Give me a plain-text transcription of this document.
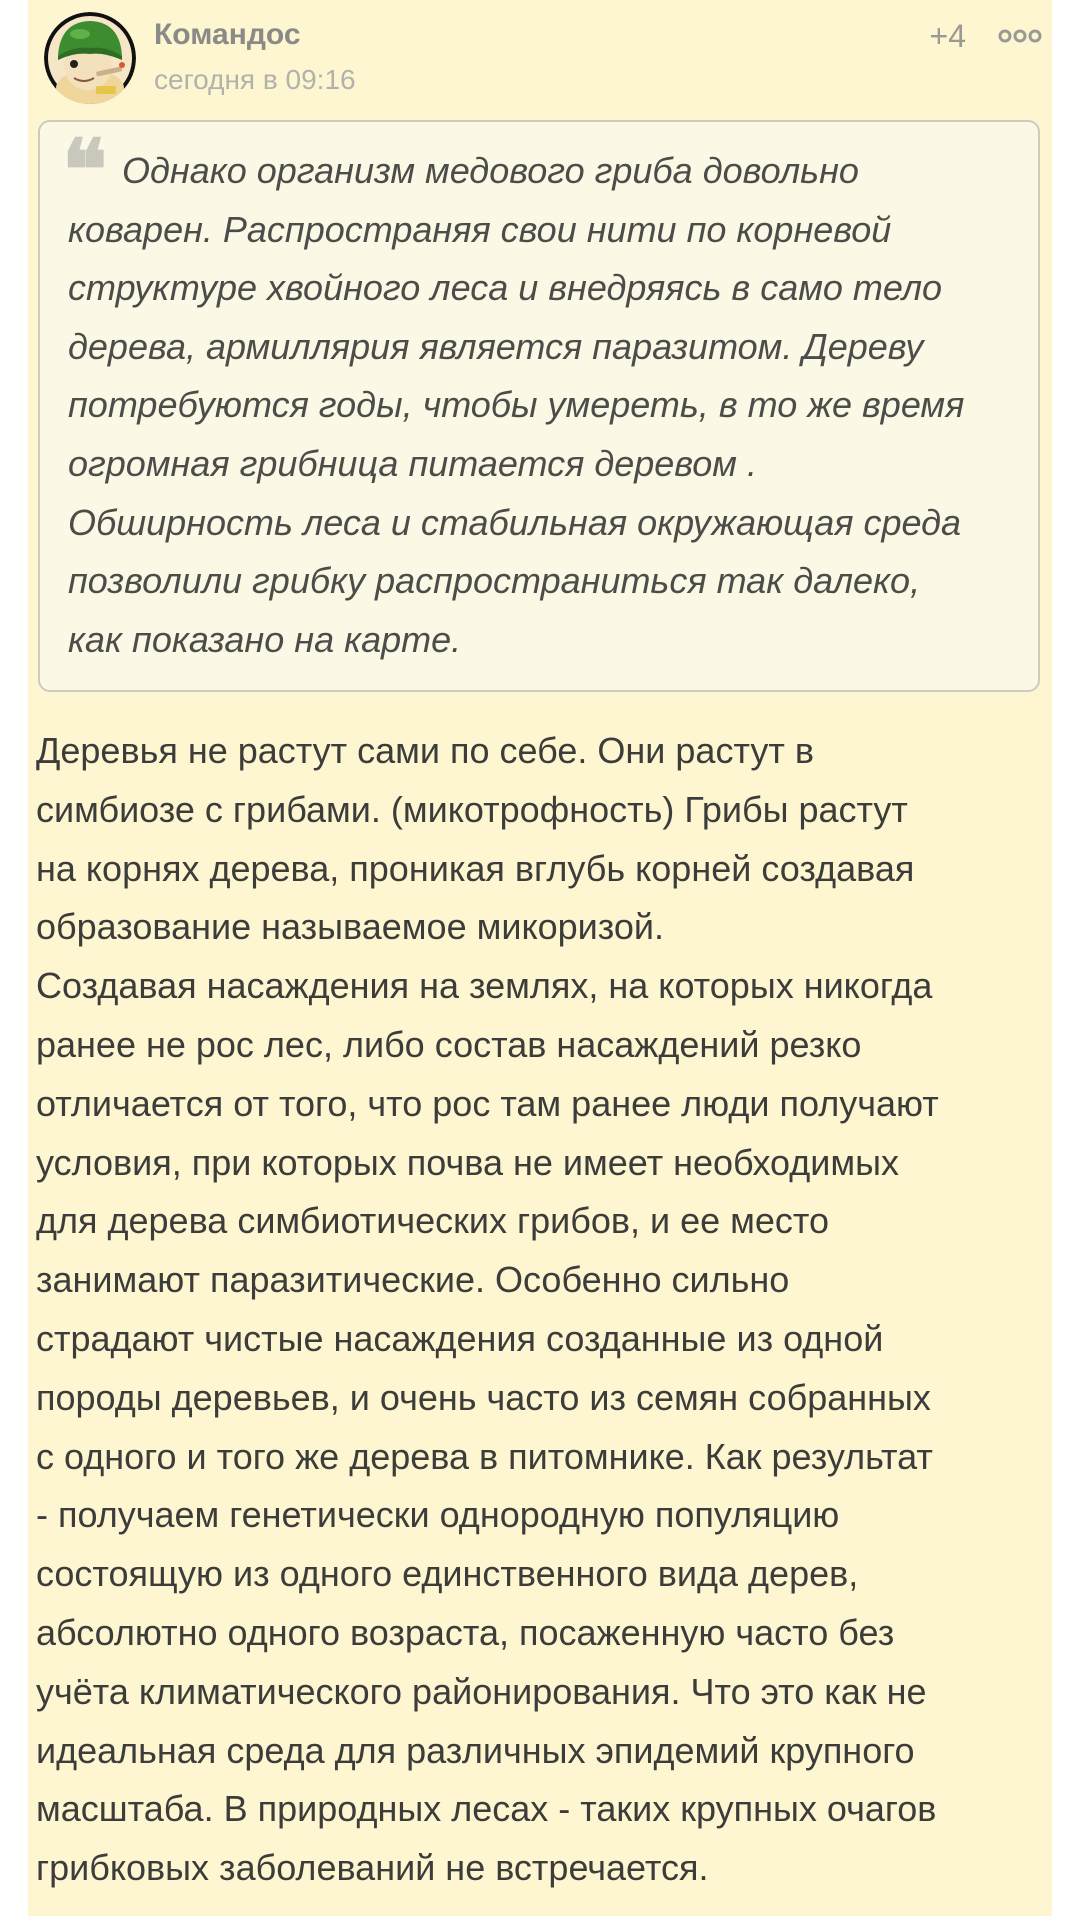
Командос
сегодня в 09:16
+4
❝ Однако организм медового гриба довольно
коварен. Распространяя свои нити по корневой
структуре хвойного леса и внедряясь в само тело
дерева, армиллярия является паразитом. Дереву
потребуются годы, чтобы умереть, в то же время
огромная грибница питается деревом .
Обширность леса и стабильная окружающая среда
позволили грибку распространиться так далеко,
как показано на карте.

Деревья не растут сами по себе. Они растут в
симбиозе с грибами. (микотрофность) Грибы растут
на корнях дерева, проникая вглубь корней создавая
образование называемое микоризой.
Создавая насаждения на землях, на которых никогда
ранее не рос лес, либо состав насаждений резко
отличается от того, что рос там ранее люди получают
условия, при которых почва не имеет необходимых
для дерева симбиотических грибов, и ее место
занимают паразитические. Особенно сильно
страдают чистые насаждения созданные из одной
породы деревьев, и очень часто из семян собранных
с одного и того же дерева в питомнике. Как результат
- получаем генетически однородную популяцию
состоящую из одного единственного вида дерев,
абсолютно одного возраста, посаженную часто без
учёта климатического районирования. Что это как не
идеальная среда для различных эпидемий крупного
масштаба. В природных лесах - таких крупных очагов
грибковых заболеваний не встречается.
